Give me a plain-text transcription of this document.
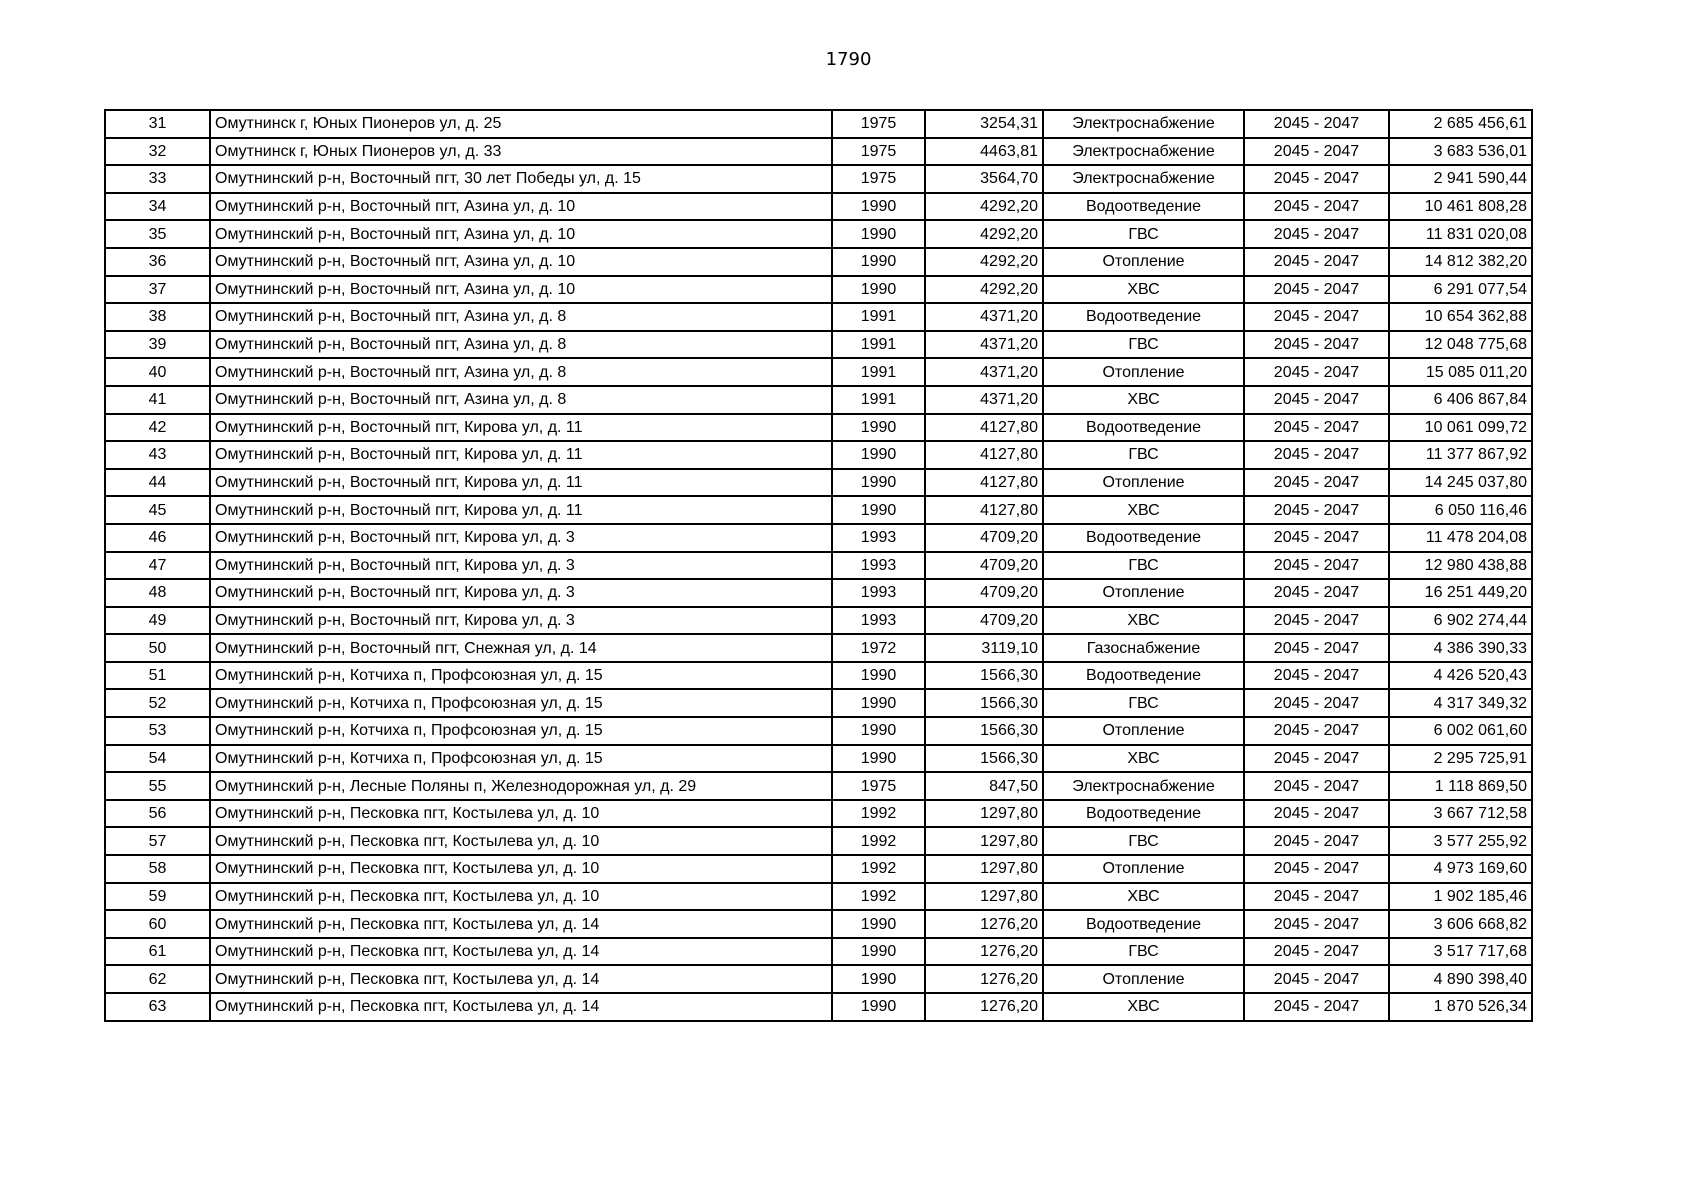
1790
31	Омутнинск г, Юных Пионеров ул, д. 25	1975	3254,31	Электроснабжение	2045 - 2047	2 685 456,61
32	Омутнинск г, Юных Пионеров ул, д. 33	1975	4463,81	Электроснабжение	2045 - 2047	3 683 536,01
33	Омутнинский р-н, Восточный пгт, 30 лет Победы ул, д. 15	1975	3564,70	Электроснабжение	2045 - 2047	2 941 590,44
34	Омутнинский р-н, Восточный пгт, Азина ул, д. 10	1990	4292,20	Водоотведение	2045 - 2047	10 461 808,28
35	Омутнинский р-н, Восточный пгт, Азина ул, д. 10	1990	4292,20	ГВС	2045 - 2047	11 831 020,08
36	Омутнинский р-н, Восточный пгт, Азина ул, д. 10	1990	4292,20	Отопление	2045 - 2047	14 812 382,20
37	Омутнинский р-н, Восточный пгт, Азина ул, д. 10	1990	4292,20	ХВС	2045 - 2047	6 291 077,54
38	Омутнинский р-н, Восточный пгт, Азина ул, д. 8	1991	4371,20	Водоотведение	2045 - 2047	10 654 362,88
39	Омутнинский р-н, Восточный пгт, Азина ул, д. 8	1991	4371,20	ГВС	2045 - 2047	12 048 775,68
40	Омутнинский р-н, Восточный пгт, Азина ул, д. 8	1991	4371,20	Отопление	2045 - 2047	15 085 011,20
41	Омутнинский р-н, Восточный пгт, Азина ул, д. 8	1991	4371,20	ХВС	2045 - 2047	6 406 867,84
42	Омутнинский р-н, Восточный пгт, Кирова ул, д. 11	1990	4127,80	Водоотведение	2045 - 2047	10 061 099,72
43	Омутнинский р-н, Восточный пгт, Кирова ул, д. 11	1990	4127,80	ГВС	2045 - 2047	11 377 867,92
44	Омутнинский р-н, Восточный пгт, Кирова ул, д. 11	1990	4127,80	Отопление	2045 - 2047	14 245 037,80
45	Омутнинский р-н, Восточный пгт, Кирова ул, д. 11	1990	4127,80	ХВС	2045 - 2047	6 050 116,46
46	Омутнинский р-н, Восточный пгт, Кирова ул, д. 3	1993	4709,20	Водоотведение	2045 - 2047	11 478 204,08
47	Омутнинский р-н, Восточный пгт, Кирова ул, д. 3	1993	4709,20	ГВС	2045 - 2047	12 980 438,88
48	Омутнинский р-н, Восточный пгт, Кирова ул, д. 3	1993	4709,20	Отопление	2045 - 2047	16 251 449,20
49	Омутнинский р-н, Восточный пгт, Кирова ул, д. 3	1993	4709,20	ХВС	2045 - 2047	6 902 274,44
50	Омутнинский р-н, Восточный пгт, Снежная ул, д. 14	1972	3119,10	Газоснабжение	2045 - 2047	4 386 390,33
51	Омутнинский р-н, Котчиха п, Профсоюзная ул, д. 15	1990	1566,30	Водоотведение	2045 - 2047	4 426 520,43
52	Омутнинский р-н, Котчиха п, Профсоюзная ул, д. 15	1990	1566,30	ГВС	2045 - 2047	4 317 349,32
53	Омутнинский р-н, Котчиха п, Профсоюзная ул, д. 15	1990	1566,30	Отопление	2045 - 2047	6 002 061,60
54	Омутнинский р-н, Котчиха п, Профсоюзная ул, д. 15	1990	1566,30	ХВС	2045 - 2047	2 295 725,91
55	Омутнинский р-н, Лесные Поляны п, Железнодорожная ул, д. 29	1975	847,50	Электроснабжение	2045 - 2047	1 118 869,50
56	Омутнинский р-н, Песковка пгт, Костылева ул, д. 10	1992	1297,80	Водоотведение	2045 - 2047	3 667 712,58
57	Омутнинский р-н, Песковка пгт, Костылева ул, д. 10	1992	1297,80	ГВС	2045 - 2047	3 577 255,92
58	Омутнинский р-н, Песковка пгт, Костылева ул, д. 10	1992	1297,80	Отопление	2045 - 2047	4 973 169,60
59	Омутнинский р-н, Песковка пгт, Костылева ул, д. 10	1992	1297,80	ХВС	2045 - 2047	1 902 185,46
60	Омутнинский р-н, Песковка пгт, Костылева ул, д. 14	1990	1276,20	Водоотведение	2045 - 2047	3 606 668,82
61	Омутнинский р-н, Песковка пгт, Костылева ул, д. 14	1990	1276,20	ГВС	2045 - 2047	3 517 717,68
62	Омутнинский р-н, Песковка пгт, Костылева ул, д. 14	1990	1276,20	Отопление	2045 - 2047	4 890 398,40
63	Омутнинский р-н, Песковка пгт, Костылева ул, д. 14	1990	1276,20	ХВС	2045 - 2047	1 870 526,34
